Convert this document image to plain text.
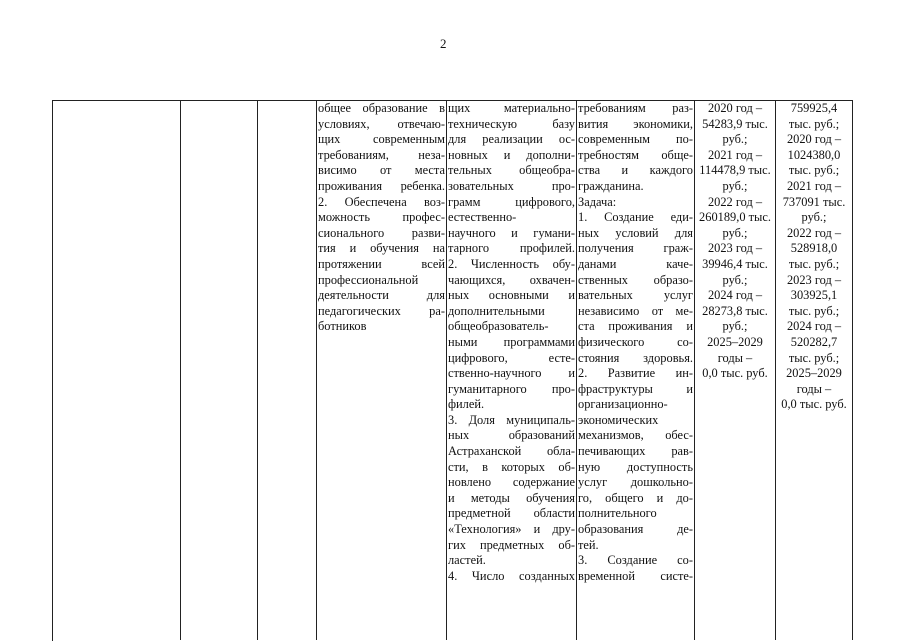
2
общее образование в
условиях, отвечаю-
щих современным
требованиям, неза-
висимо от места
проживания ребенка.
2. Обеспечена воз-
можность профес-
сионального разви-
тия и обучения на
протяжении всей
профессиональной
деятельности для
педагогических ра-
ботников
щих материально-
техническую базу
для реализации ос-
новных и дополни-
тельных общеобра-
зовательных про-
грамм цифрового,
естественно-
научного и гумани-
тарного профилей.
2. Численность обу-
чающихся, охвачен-
ных основными и
дополнительными
общеобразователь-
ными программами
цифрового, есте-
ственно-научного и
гуманитарного про-
филей.
3. Доля муниципаль-
ных образований
Астраханской обла-
сти, в которых об-
новлено содержание
и методы обучения
предметной области
«Технология» и дру-
гих предметных об-
ластей.
4. Число созданных
требованиям раз-
вития экономики,
современным по-
требностям обще-
ства и каждого
гражданина.
Задача:
1. Создание еди-
ных условий для
получения граж-
данами каче-
ственных образо-
вательных услуг
независимо от ме-
ста проживания и
физического со-
стояния здоровья.
2. Развитие ин-
фраструктуры и
организационно-
экономических
механизмов, обес-
печивающих рав-
ную доступность
услуг дошкольно-
го, общего и до-
полнительного
образования де-
тей.
3. Создание со-
временной систе-
2020 год –
54283,9 тыс.
руб.;
2021 год –
114478,9 тыс.
руб.;
2022 год –
260189,0 тыс.
руб.;
2023 год –
39946,4 тыс.
руб.;
2024 год –
28273,8 тыс.
руб.;
2025–2029
годы –
0,0 тыс. руб.
759925,4
тыс. руб.;
2020 год –
1024380,0
тыс. руб.;
2021 год –
737091 тыс.
руб.;
2022 год –
528918,0
тыс. руб.;
2023 год –
303925,1
тыс. руб.;
2024 год –
520282,7
тыс. руб.;
2025–2029
годы –
0,0 тыс. руб.
